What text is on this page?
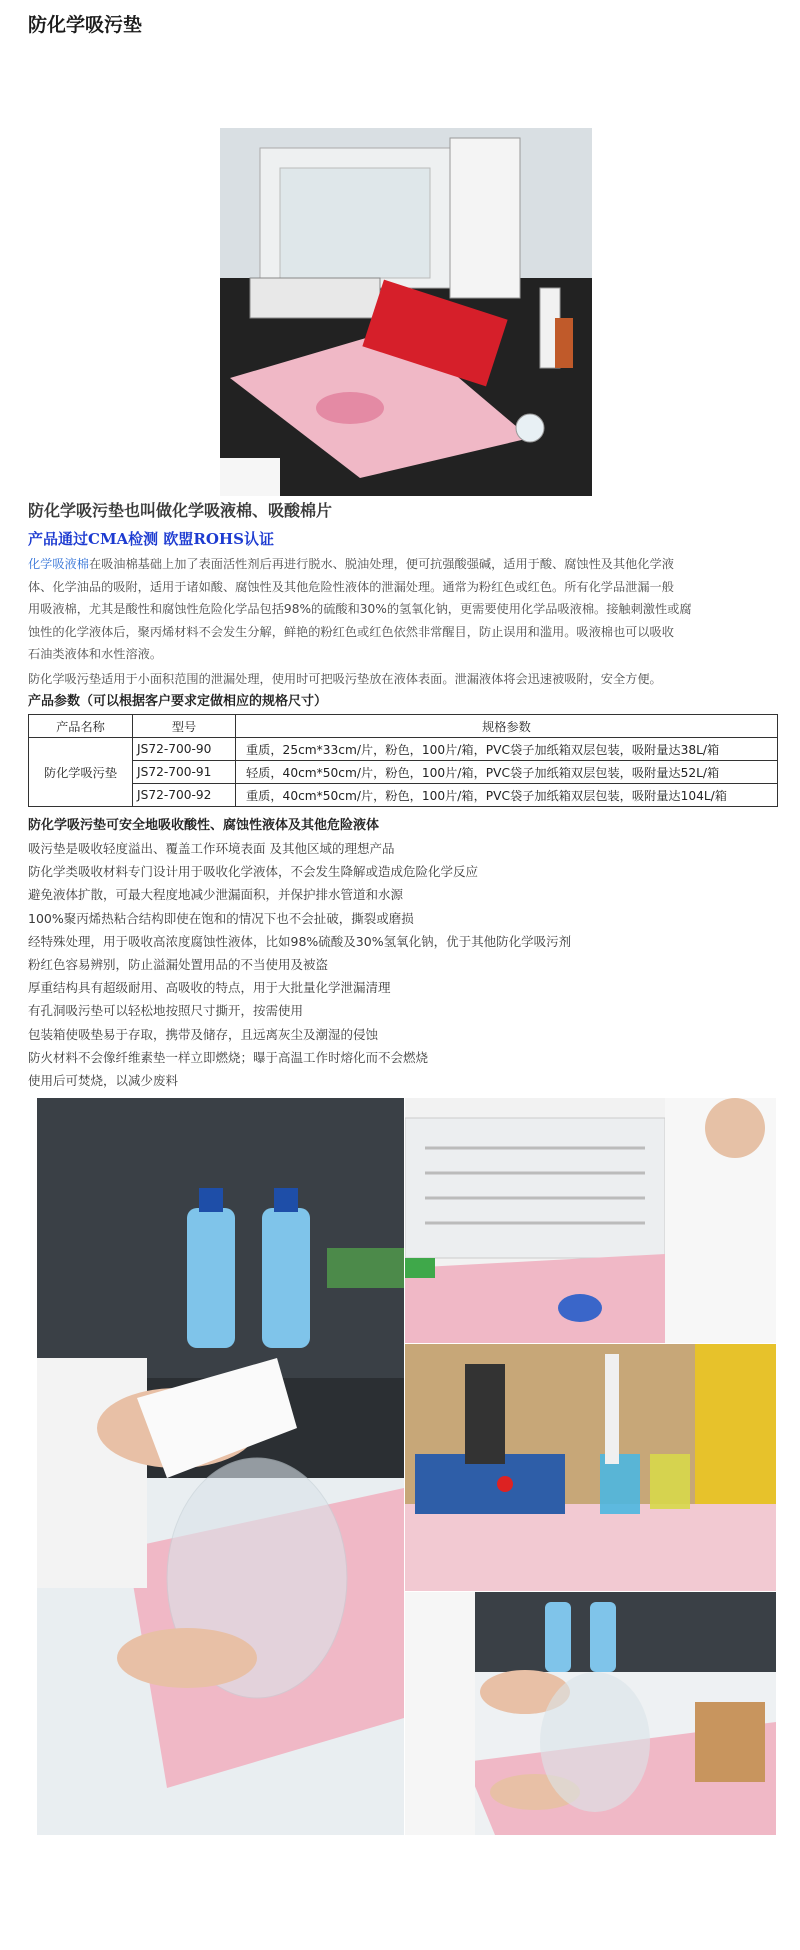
防化学吸污垫
防化学吸污垫也叫做化学吸液棉、吸酸棉片
产品通过CMA检测 欧盟ROHS认证
化学吸液棉在吸油棉基础上加了表面活性剂后再进行脱水、脱油处理，便可抗强酸强碱，适用于酸、腐蚀性及其他化学液
体、化学油品的吸附，适用于诸如酸、腐蚀性及其他危险性液体的泄漏处理。通常为粉红色或红色。所有化学品泄漏一般
用吸液棉，尤其是酸性和腐蚀性危险化学品包括98%的硫酸和30%的氢氧化钠，更需要使用化学品吸液棉。接触刺激性或腐
蚀性的化学液体后，聚丙烯材料不会发生分解，鲜艳的粉红色或红色依然非常醒目，防止误用和滥用。吸液棉也可以吸收
石油类液体和水性溶液。
防化学吸污垫适用于小面积范围的泄漏处理，使用时可把吸污垫放在液体表面。泄漏液体将会迅速被吸附，安全方便。
产品参数（可以根据客户要求定做相应的规格尺寸）
产品名称	型号	规格参数
防化学吸污垫	JS72-700-90	重质，25cm*33cm/片，粉色，100片/箱，PVC袋子加纸箱双层包装，吸附量达38L/箱
	JS72-700-91	轻质，40cm*50cm/片，粉色，100片/箱，PVC袋子加纸箱双层包装，吸附量达52L/箱
	JS72-700-92	重质，40cm*50cm/片，粉色，100片/箱，PVC袋子加纸箱双层包装，吸附量达104L/箱
防化学吸污垫可安全地吸收酸性、腐蚀性液体及其他危险液体
吸污垫是吸收轻度溢出、覆盖工作环境表面 及其他区域的理想产品
防化学类吸收材料专门设计用于吸收化学液体，不会发生降解或造成危险化学反应
避免液体扩散，可最大程度地减少泄漏面积，并保护排水管道和水源
100%聚丙烯热粘合结构即使在饱和的情况下也不会扯破，撕裂或磨损
经特殊处理，用于吸收高浓度腐蚀性液体，比如98%硫酸及30%氢氧化钠，优于其他防化学吸污剂
粉红色容易辨别，防止溢漏处置用品的不当使用及被盗
厚重结构具有超级耐用、高吸收的特点，用于大批量化学泄漏清理
有孔洞吸污垫可以轻松地按照尺寸撕开，按需使用
包装箱使吸垫易于存取，携带及储存，且远离灰尘及潮湿的侵蚀
防火材料不会像纤维素垫一样立即燃烧；曝于高温工作时熔化而不会燃烧
使用后可焚烧，以减少废料
